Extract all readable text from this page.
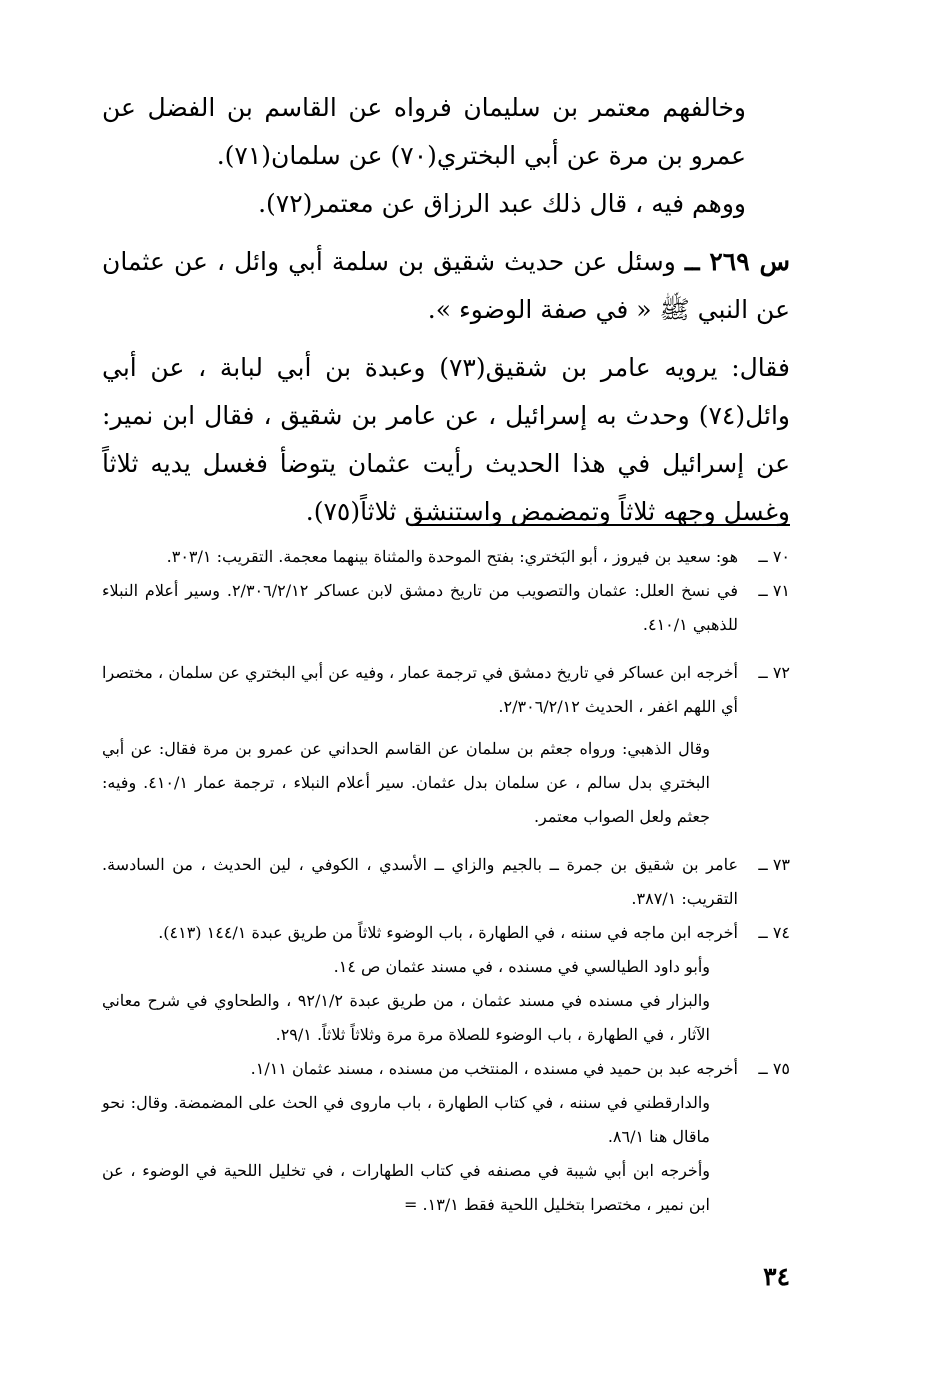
وخالفهم معتمر بن سليمان فرواه عن القاسم بن الفضل عن عمرو بن مرة عن أبي البختري(٧٠) عن سلمان(٧١).

ووهم فيه ، قال ذلك عبد الرزاق عن معتمر(٧٢).

س ٢٦٩ ــ وسئل عن حديث شقيق بن سلمة أبي وائل ، عن عثمان عن النبي ﷺ « في صفة الوضوء ».

فقال: يرويه عامر بن شقيق(٧٣) وعبدة بن أبي لبابة ، عن أبي وائل(٧٤) وحدث به إسرائيل ، عن عامر بن شقيق ، فقال ابن نمير: عن إسرائيل في هذا الحديث رأيت عثمان يتوضأ فغسل يديه ثلاثاً وغسل وجهه ثلاثاً وتمضمض واستنشق ثلاثاً(٧٥).

٧٠ ــ
هو: سعيد بن فيروز ، أبو البَختري: بفتح الموحدة والمثناة بينهما معجمة. التقريب: ٣٠٣/١.
٧١ ــ
في نسخ العلل: عثمان والتصويب من تاريخ دمشق لابن عساكر ٢/٣٠٦/٢/١٢. وسير أعلام النبلاء للذهبي ٤١٠/١.
٧٢ ــ
أخرجه ابن عساكر في تاريخ دمشق في ترجمة عمار ، وفيه عن أبي البختري عن سلمان ، مختصرا أي اللهم اغفر ، الحديث ٢/٣٠٦/٢/١٢.
وقال الذهبي: ورواه جعثم بن سلمان عن القاسم الحداني عن عمرو بن مرة فقال: عن أبي البختري بدل سالم ، عن سلمان بدل عثمان. سير أعلام النبلاء ، ترجمة عمار ٤١٠/١. وفيه: جعثم ولعل الصواب معتمر.
٧٣ ــ
عامر بن شقيق بن جمرة ــ بالجيم والزاي ــ الأسدي ، الكوفي ، لين الحديث ، من السادسة. التقريب: ٣٨٧/١.
٧٤ ــ
أخرجه ابن ماجه في سننه ، في الطهارة ، باب الوضوء ثلاثاً من طريق عبدة ١٤٤/١ (٤١٣).
وأبو داود الطيالسي في مسنده ، في مسند عثمان ص ١٤.
والبزار في مسنده في مسند عثمان ، من طريق عبدة ٩٢/١/٢ ، والطحاوي في شرح معاني الآثار ، في الطهارة ، باب الوضوء للصلاة مرة مرة وثلاثاً ثلاثاً. ٢٩/١.
٧٥ ــ
أخرجه عبد بن حميد في مسنده ، المنتخب من مسنده ، مسند عثمان ١/١١.
والدارقطني في سننه ، في كتاب الطهارة ، باب ماروى في الحث على المضمضة. وقال: نحو ماقال هنا ٨٦/١.
وأخرجه ابن أبي شيبة في مصنفه في كتاب الطهارات ، في تخليل اللحية في الوضوء ، عن ابن نمير ، مختصرا بتخليل اللحية فقط ١٣/١. =
٣٤
